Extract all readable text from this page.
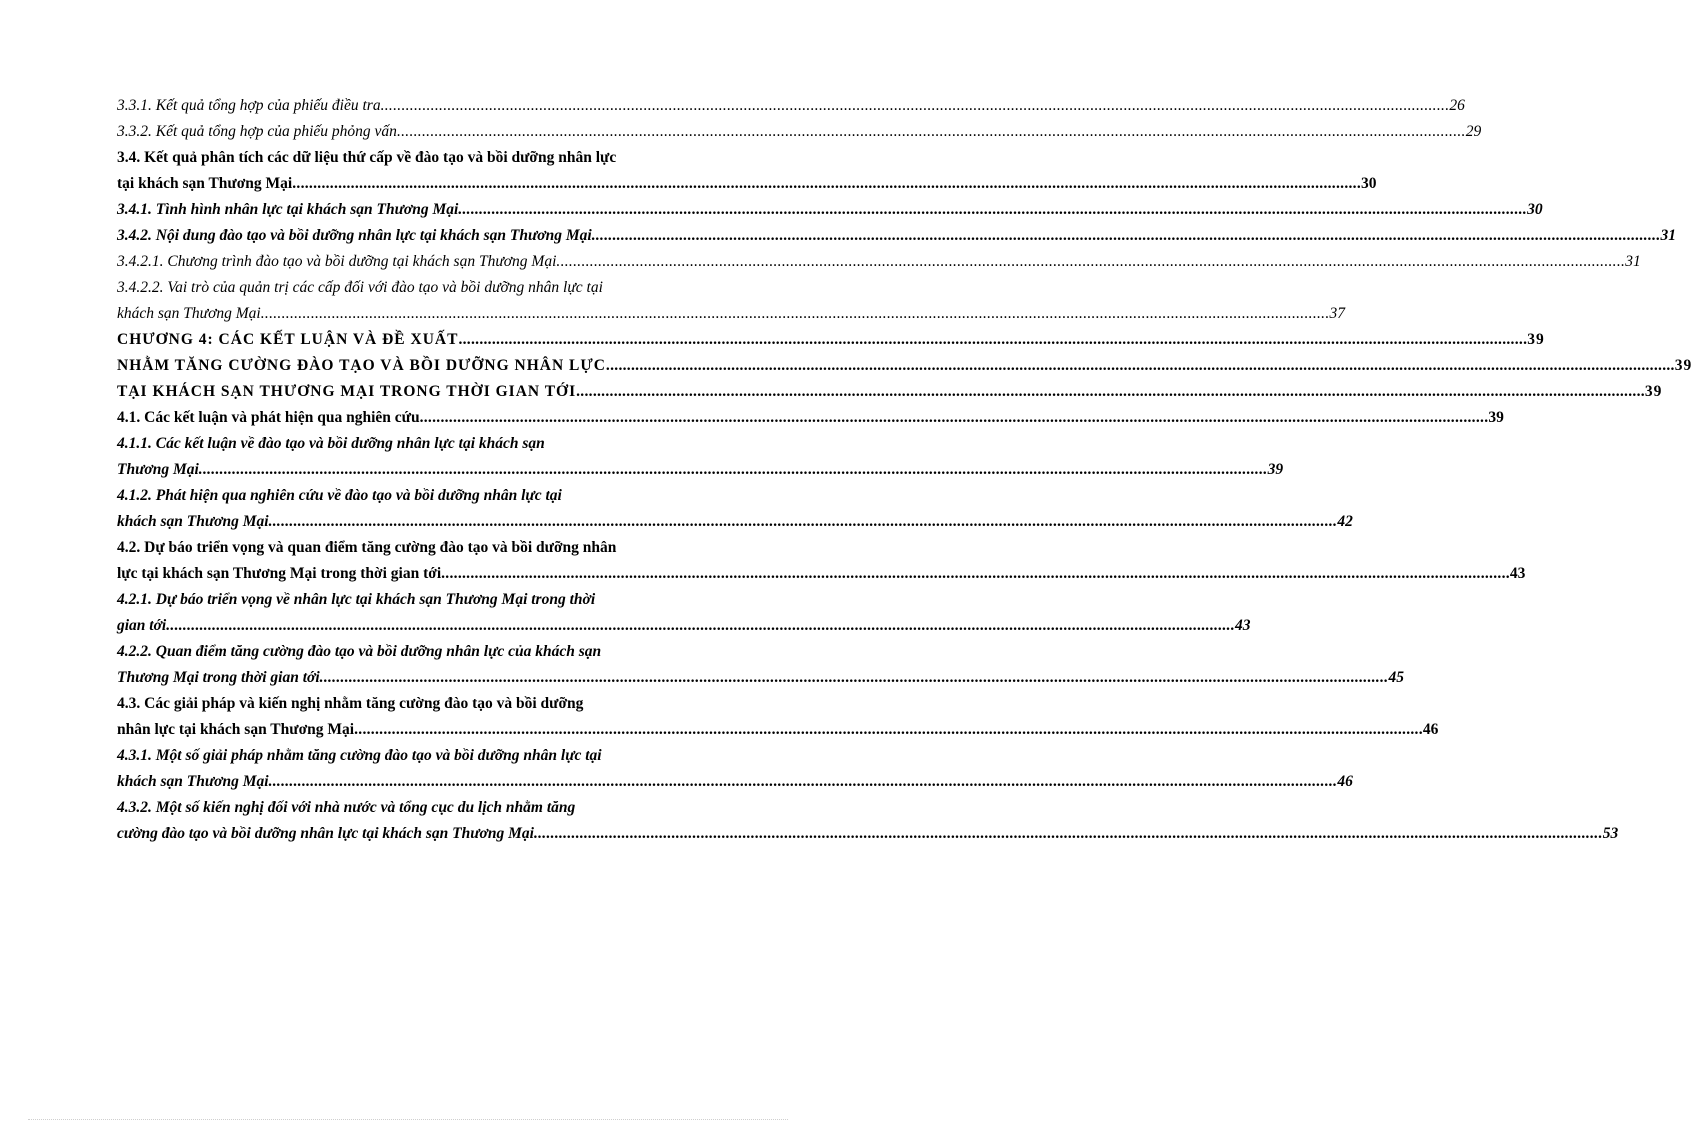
3.3.1. Kết quả tổng hợp của phiếu điều tra .....	26
3.3.2. Kết quả tổng hợp của phiếu phỏng vấn .....	29
3.4. Kết quả phân tích các dữ liệu thứ cấp về đào tạo và bồi dưỡng nhân lực
tại khách sạn Thương Mại .....	30
3.4.1. Tình hình nhân lực tại khách sạn Thương Mại .....	30
3.4.2. Nội dung đào tạo và bồi dưỡng nhân lực tại khách sạn Thương Mại .....	31
3.4.2.1. Chương trình đào tạo và bồi dưỡng tại khách sạn Thương Mại .....	31
3.4.2.2. Vai trò của quản trị các cấp đối với đào tạo và bồi dưỡng nhân lực tại
khách sạn Thương Mại .....	37
CHƯƠNG 4: CÁC KẾT LUẬN VÀ ĐỀ XUẤT .....	39
NHẰM TĂNG CƯỜNG ĐÀO TẠO VÀ BỒI DƯỠNG NHÂN LỰC .....	39
TẠI KHÁCH SẠN THƯƠNG MẠI TRONG THỜI GIAN TỚI .....	39
4.1. Các kết luận và phát hiện qua nghiên cứu .....	39
4.1.1. Các kết luận về đào tạo và bồi dưỡng nhân lực tại khách sạn
Thương Mại .....	39
4.1.2. Phát hiện qua nghiên cứu về đào tạo và bồi dưỡng nhân lực tại
khách sạn Thương Mại .....	42
4.2. Dự báo triển vọng và quan điểm tăng cường đào tạo và bồi dưỡng nhân
lực tại khách sạn Thương Mại trong thời gian tới .....	43
4.2.1. Dự báo triển vọng về nhân lực tại khách sạn Thương Mại trong thời
gian tới .....	43
4.2.2. Quan điểm tăng cường đào tạo và bồi dưỡng nhân lực của khách sạn
Thương Mại trong thời gian tới .....	45
4.3. Các giải pháp và kiến nghị nhằm tăng cường đào tạo và bồi dưỡng
nhân lực tại khách sạn Thương Mại .....	46
4.3.1. Một số giải pháp nhằm tăng cường đào tạo và bồi dưỡng nhân lực tại
khách sạn Thương Mại .....	46
4.3.2. Một số kiến nghị đối với nhà nước và tổng cục du lịch nhằm tăng
cường đào tạo và bồi dưỡng nhân lực tại khách sạn Thương Mại .....	53
